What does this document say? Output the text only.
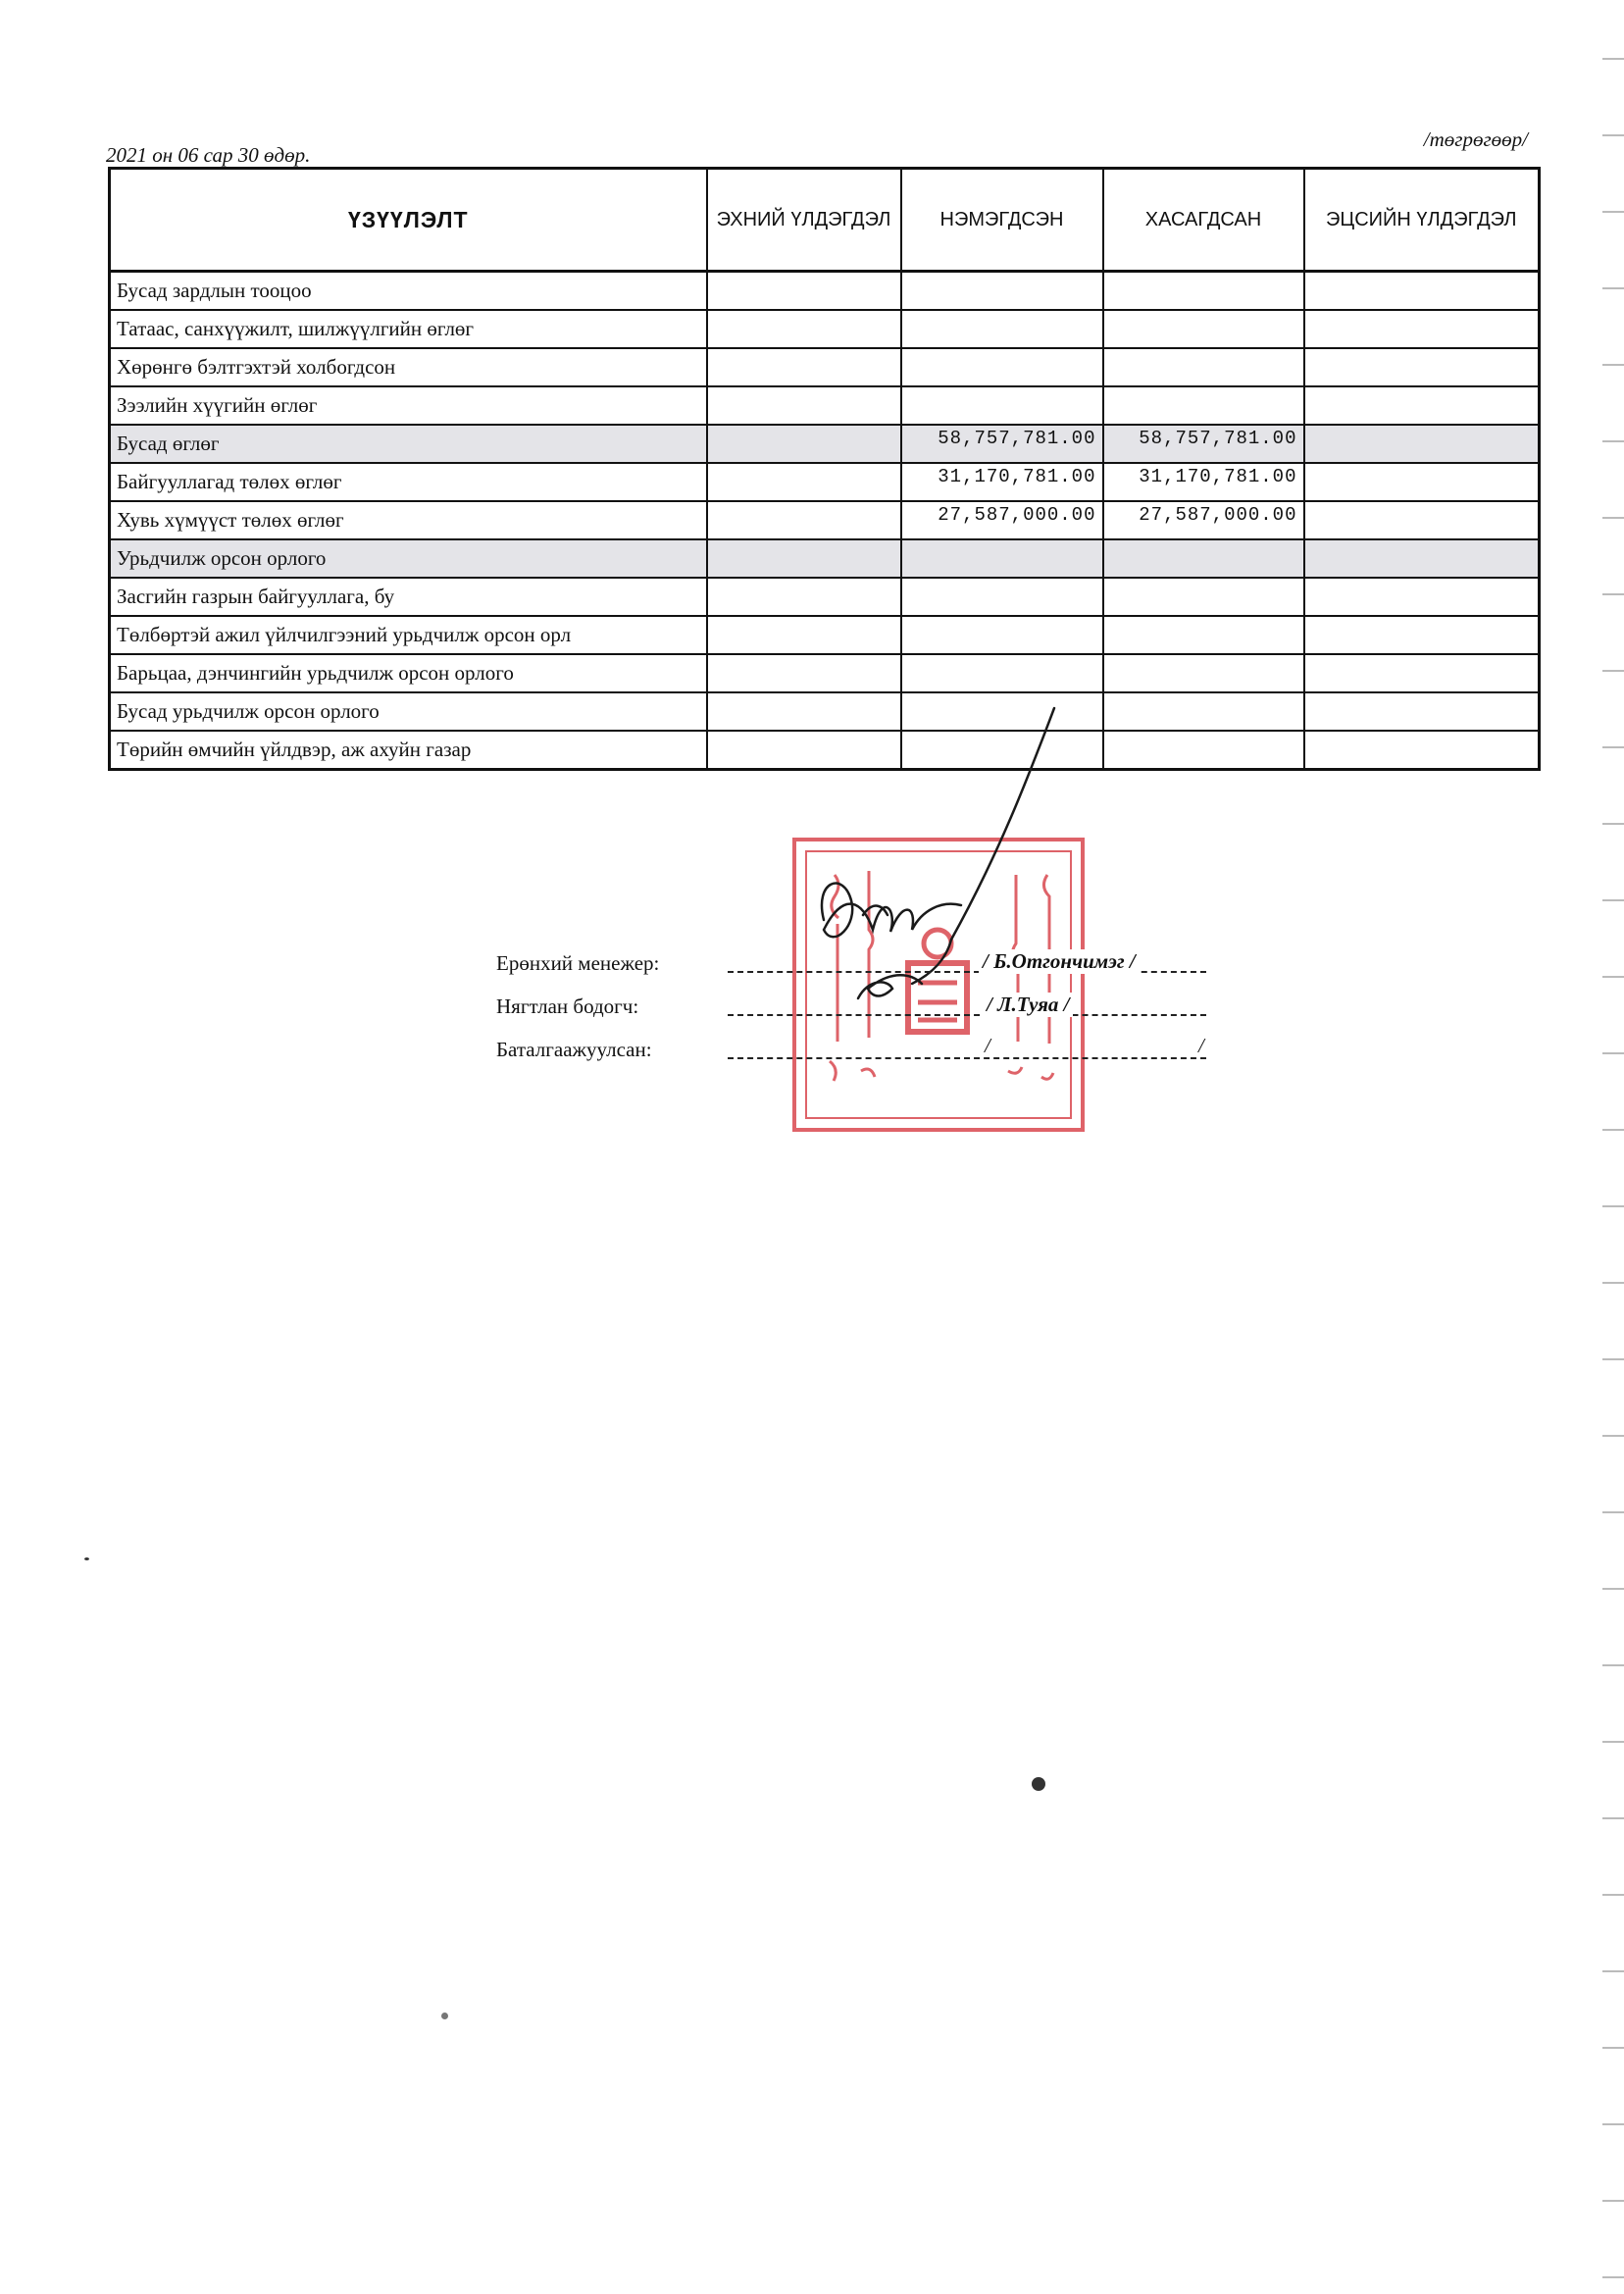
2021 он 06 сар 30 өдөр.
/төгрөгөөр/
ҮЗҮҮЛЭЛТ	ЭХНИЙ ҮЛДЭГДЭЛ	НЭМЭГДСЭН	ХАСАГДСАН	ЭЦСИЙН ҮЛДЭГДЭЛ
Бусад зардлын тооцоо				
Татаас, санхүүжилт, шилжүүлгийн өглөг				
Хөрөнгө бэлтгэхтэй холбогдсон				
Зээлийн хүүгийн өглөг				
Бусад өглөг		58,757,781.00	58,757,781.00	
Байгууллагад төлөх өглөг		31,170,781.00	31,170,781.00	
Хувь хүмүүст төлөх өглөг		27,587,000.00	27,587,000.00	
Урьдчилж орсон орлого				
Засгийн газрын байгууллага, бу				
Төлбөртэй ажил үйлчилгээний урьдчилж орсон орл				
Барьцаа, дэнчингийн урьдчилж орсон орлого				
Бусад урьдчилж орсон орлого				
Төрийн өмчийн үйлдвэр, аж ахуйн газар				
Ерөнхий менежер:	/ Б.Отгончимэг /
Нягтлан бодогч:	/ Л.Туяа /
Баталгаажуулсан:	/	/
